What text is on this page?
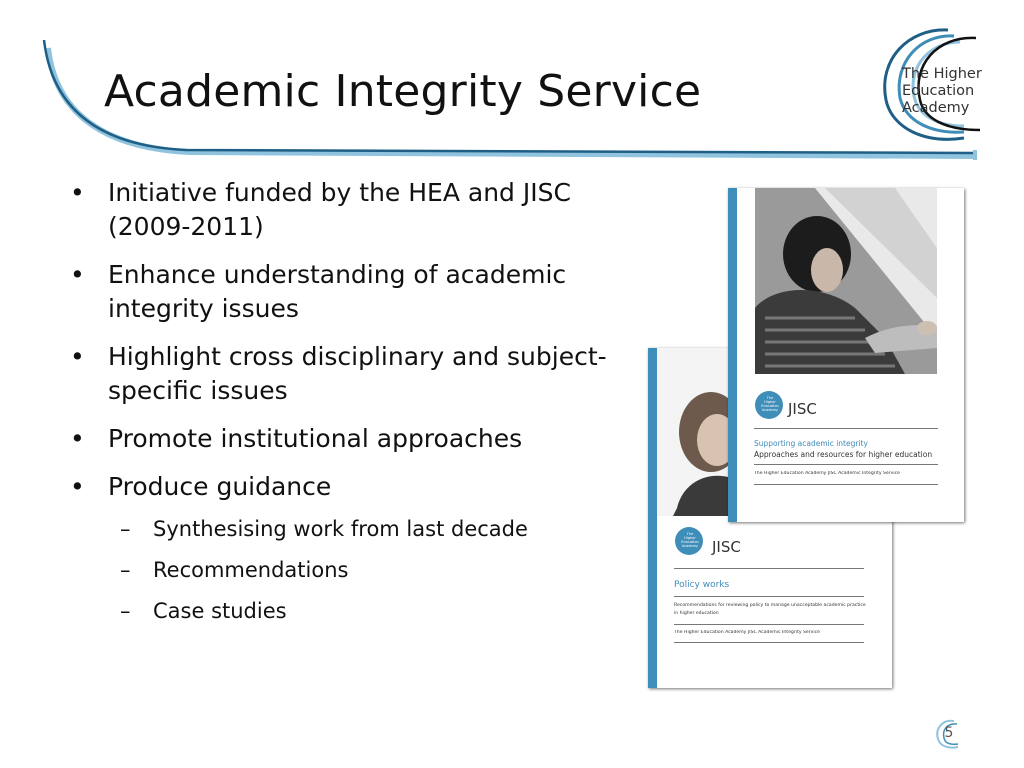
Academic Integrity Service	The Higher
Education
Academy
• Initiative funded by the HEA and JISC (2009-2011)
• Enhance understanding of academic integrity issues
• Highlight cross disciplinary and subject-specific issues
• Promote institutional approaches
• Produce guidance
– Synthesising work from last decade
– Recommendations
– Case studies
The
Higher
Education
Academy JISC
Policy works
Recommendations for reviewing policy to manage unacceptable academic practice in higher education
The Higher Education Academy JISC Academic Integrity Service
The
Higher
Education
Academy JISC
Supporting academic integrity
Approaches and resources for higher education
The Higher Education Academy JISC Academic Integrity Service
5
